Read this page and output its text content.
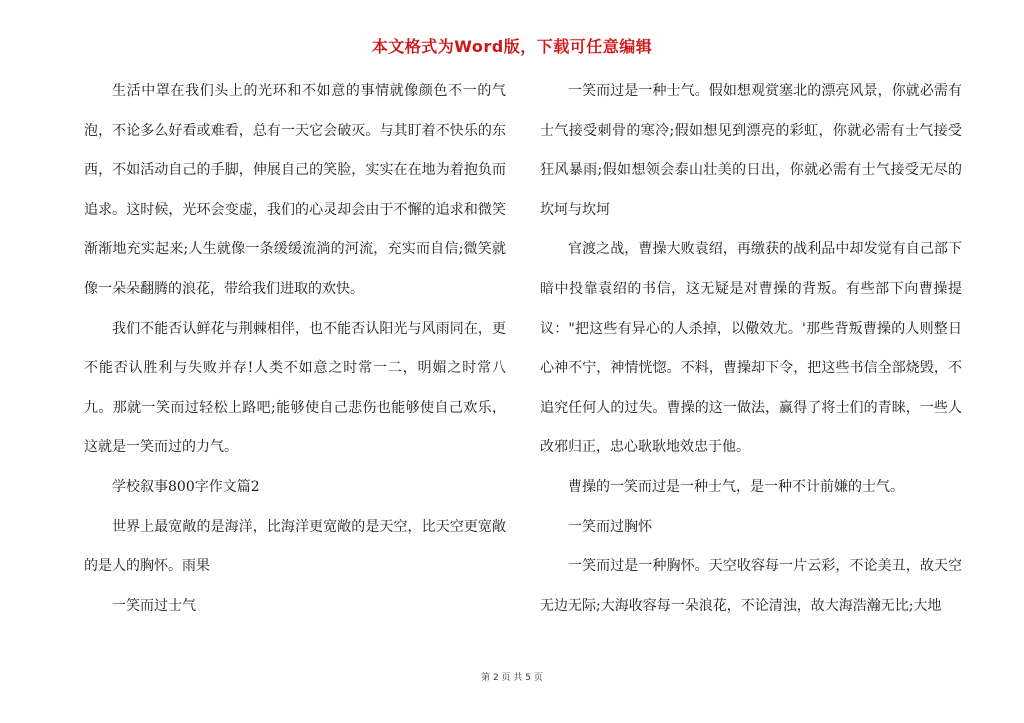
本文格式为Word版，下载可任意编辑

生活中罩在我们头上的光环和不如意的事情就像颜色不一的气泡，不论多么好看或难看，总有一天它会破灭。与其盯着不快乐的东西，不如活动自己的手脚，伸展自己的笑脸，实实在在地为着抱负而追求。这时候，光环会变虚，我们的心灵却会由于不懈的追求和微笑渐渐地充实起来;人生就像一条缓缓流淌的河流，充实而自信;微笑就像一朵朵翻腾的浪花，带给我们进取的欢快。

我们不能否认鲜花与荆棘相伴，也不能否认阳光与风雨同在，更不能否认胜利与失败并存!人类不如意之时常一二，明媚之时常八九。那就一笑而过轻松上路吧;能够使自己悲伤也能够使自己欢乐，这就是一笑而过的力气。

学校叙事800字作文篇2

世界上最宽敞的是海洋，比海洋更宽敞的是天空，比天空更宽敞的是人的胸怀。雨果

一笑而过士气

一笑而过是一种士气。假如想观赏塞北的漂亮风景，你就必需有士气接受刺骨的寒冷;假如想见到漂亮的彩虹，你就必需有士气接受狂风暴雨;假如想领会泰山壮美的日出，你就必需有士气接受无尽的坎坷与坎坷

官渡之战，曹操大败袁绍，再缴获的战利品中却发觉有自己部下暗中投靠袁绍的书信，这无疑是对曹操的背叛。有些部下向曹操提议："把这些有异心的人杀掉，以儆效尤。'那些背叛曹操的人则整日心神不宁，神情恍惚。不料，曹操却下令，把这些书信全部烧毁，不追究任何人的过失。曹操的这一做法，赢得了将士们的青睐，一些人改邪归正，忠心耿耿地效忠于他。

曹操的一笑而过是一种士气，是一种不计前嫌的士气。

一笑而过胸怀

一笑而过是一种胸怀。天空收容每一片云彩，不论美丑，故天空无边无际;大海收容每一朵浪花，不论清浊，故大海浩瀚无比;大地

第 2 页 共 5 页
